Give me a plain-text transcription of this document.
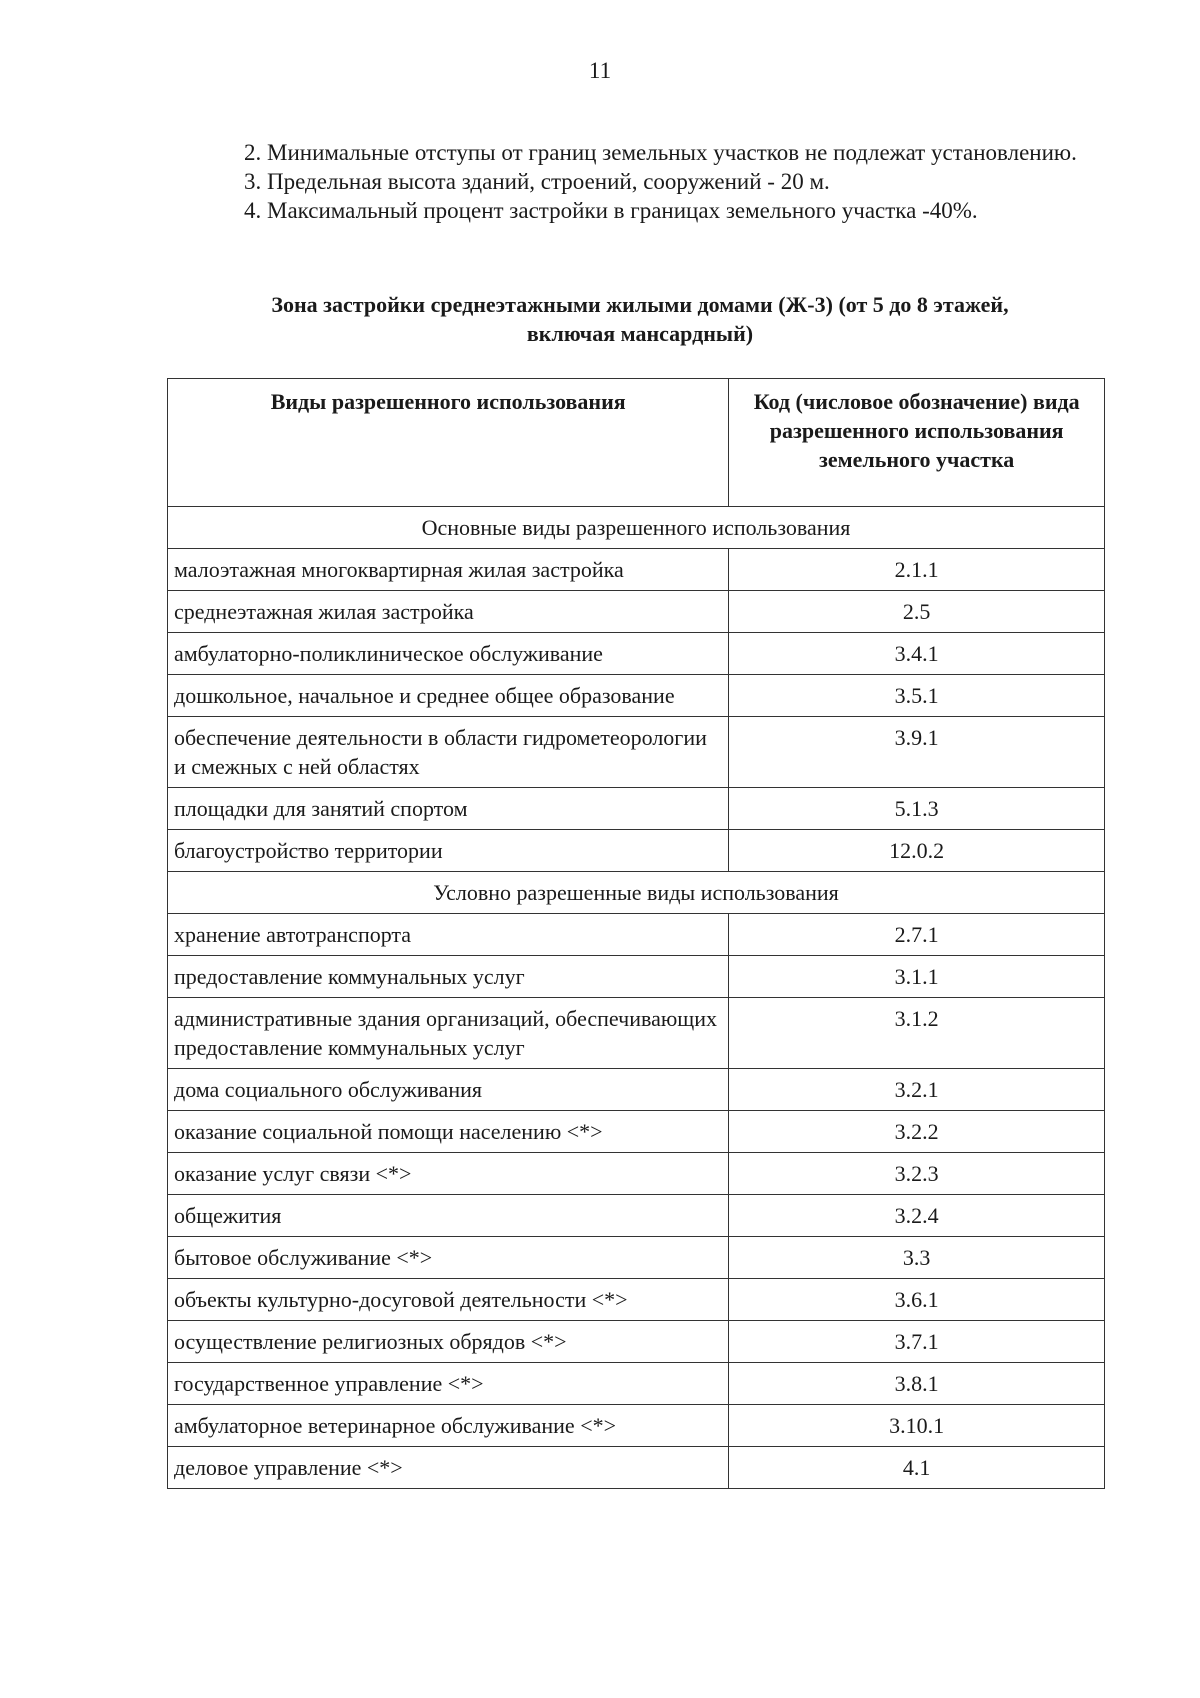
11

2. Минимальные отступы от границ земельных участков не подлежат установлению.

3. Предельная высота зданий, строений, сооружений - 20 м.

4. Максимальный процент застройки в границах земельного участка -40%.

Зона застройки среднеэтажными жилыми домами (Ж-3) (от 5 до 8 этажей,
включая мансардный)
Виды разрешенного использования	Код (числовое обозначение) вида разрешенного использования земельного участка
Основные виды разрешенного использования	
малоэтажная многоквартирная жилая застройка	2.1.1
среднеэтажная жилая застройка	2.5
амбулаторно-поликлиническое обслуживание	3.4.1
дошкольное, начальное и среднее общее образование	3.5.1
обеспечение деятельности в области гидрометеорологии и смежных с ней областях	3.9.1
площадки для занятий спортом	5.1.3
благоустройство территории	12.0.2
Условно разрешенные виды использования	
хранение автотранспорта	2.7.1
предоставление коммунальных услуг	3.1.1
административные здания организаций, обеспечивающих предоставление коммунальных услуг	3.1.2
дома социального обслуживания	3.2.1
оказание социальной помощи населению <*>	3.2.2
оказание услуг связи <*>	3.2.3
общежития	3.2.4
бытовое обслуживание <*>	3.3
объекты культурно-досуговой деятельности <*>	3.6.1
осуществление религиозных обрядов <*>	3.7.1
государственное управление <*>	3.8.1
амбулаторное ветеринарное обслуживание <*>	3.10.1
деловое управление <*>	4.1
